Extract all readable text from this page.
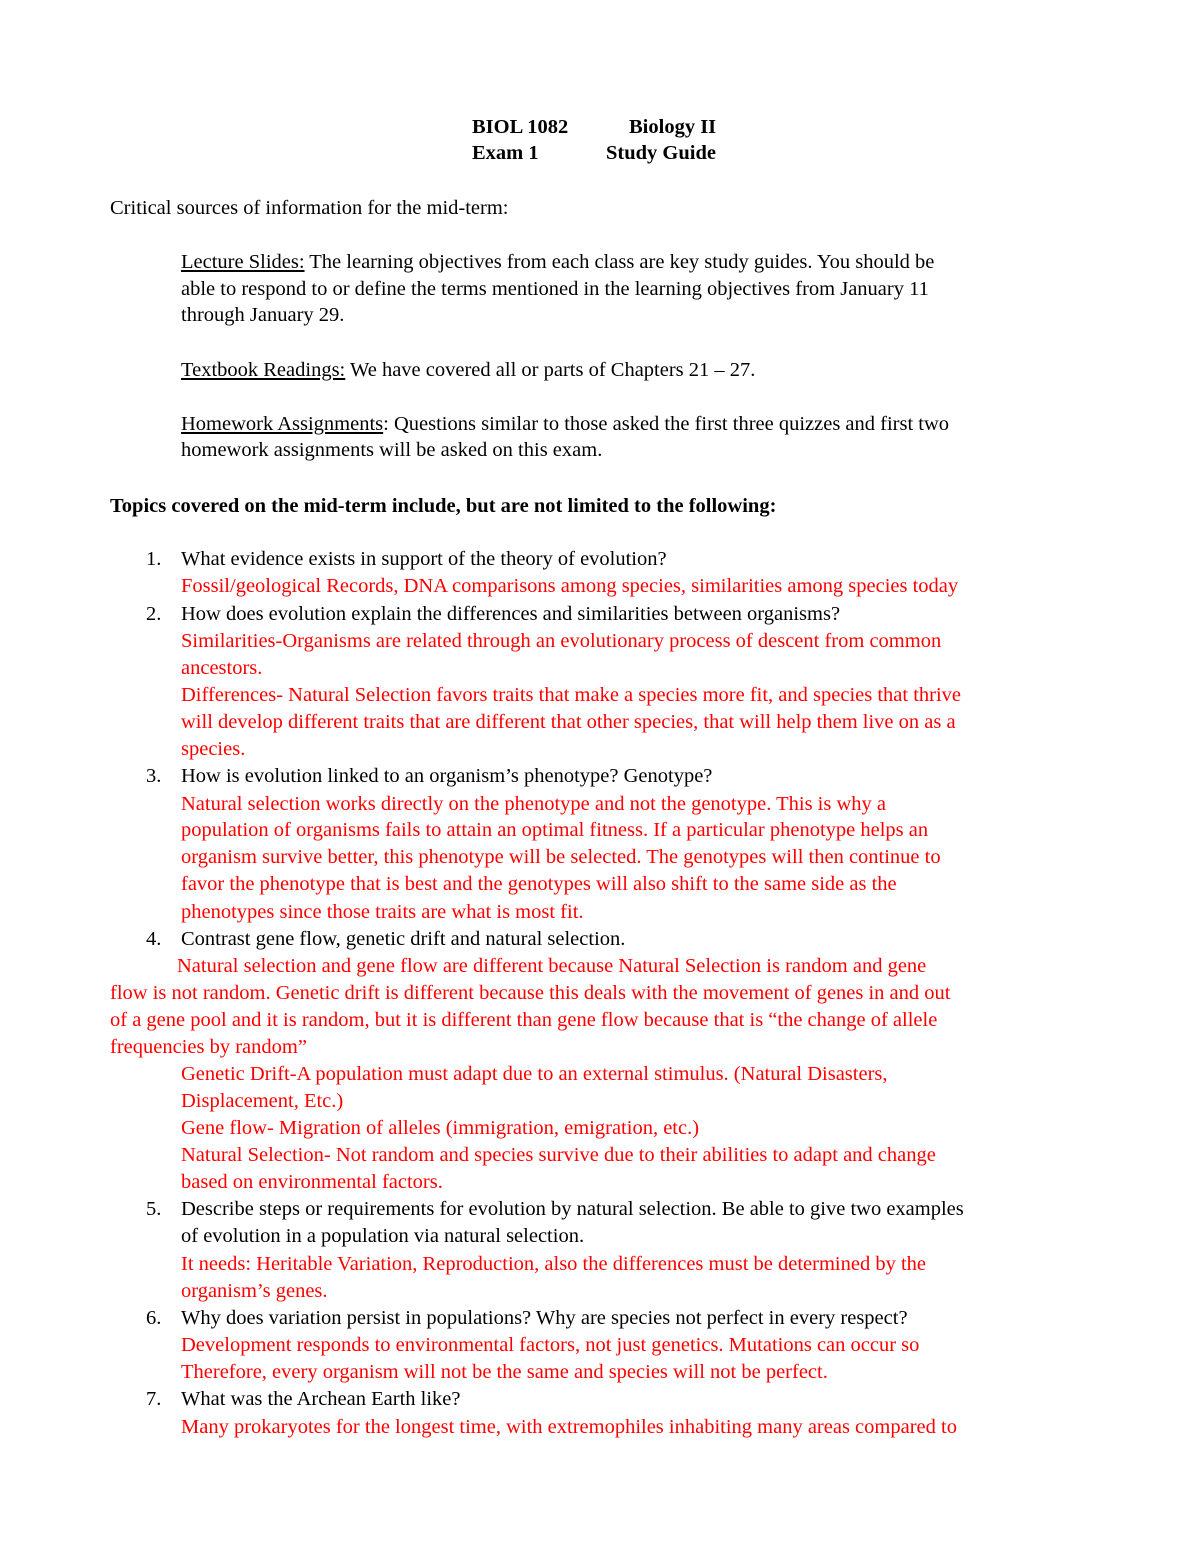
BIOL 1082	Biology II
Exam 1	Study Guide
Critical sources of information for the mid-term:
Lecture Slides: The learning objectives from each class are key study guides. You should be
able to respond to or define the terms mentioned in the learning objectives from January 11
through January 29.
Textbook Readings: We have covered all or parts of Chapters 21 – 27.
Homework Assignments: Questions similar to those asked the first three quizzes and first two
homework assignments will be asked on this exam.
Topics covered on the mid-term include, but are not limited to the following:
1. What evidence exists in support of the theory of evolution?
Fossil/geological Records, DNA comparisons among species, similarities among species today
2. How does evolution explain the differences and similarities between organisms?
Similarities-Organisms are related through an evolutionary process of descent from common
ancestors.
Differences- Natural Selection favors traits that make a species more fit, and species that thrive
will develop different traits that are different that other species, that will help them live on as a
species.
3. How is evolution linked to an organism’s phenotype? Genotype?
Natural selection works directly on the phenotype and not the genotype. This is why a
population of organisms fails to attain an optimal fitness. If a particular phenotype helps an
organism survive better, this phenotype will be selected. The genotypes will then continue to
favor the phenotype that is best and the genotypes will also shift to the same side as the
phenotypes since those traits are what is most fit.
4. Contrast gene flow, genetic drift and natural selection.
Natural selection and gene flow are different because Natural Selection is random and gene
flow is not random. Genetic drift is different because this deals with the movement of genes in and out
of a gene pool and it is random, but it is different than gene flow because that is “the change of allele
frequencies by random”
Genetic Drift-A population must adapt due to an external stimulus. (Natural Disasters,
Displacement, Etc.)
Gene flow- Migration of alleles (immigration, emigration, etc.)
Natural Selection- Not random and species survive due to their abilities to adapt and change
based on environmental factors.
5. Describe steps or requirements for evolution by natural selection. Be able to give two examples
of evolution in a population via natural selection.
It needs: Heritable Variation, Reproduction, also the differences must be determined by the
organism’s genes.
6. Why does variation persist in populations? Why are species not perfect in every respect?
Development responds to environmental factors, not just genetics. Mutations can occur so
Therefore, every organism will not be the same and species will not be perfect.
7. What was the Archean Earth like?
Many prokaryotes for the longest time, with extremophiles inhabiting many areas compared to
